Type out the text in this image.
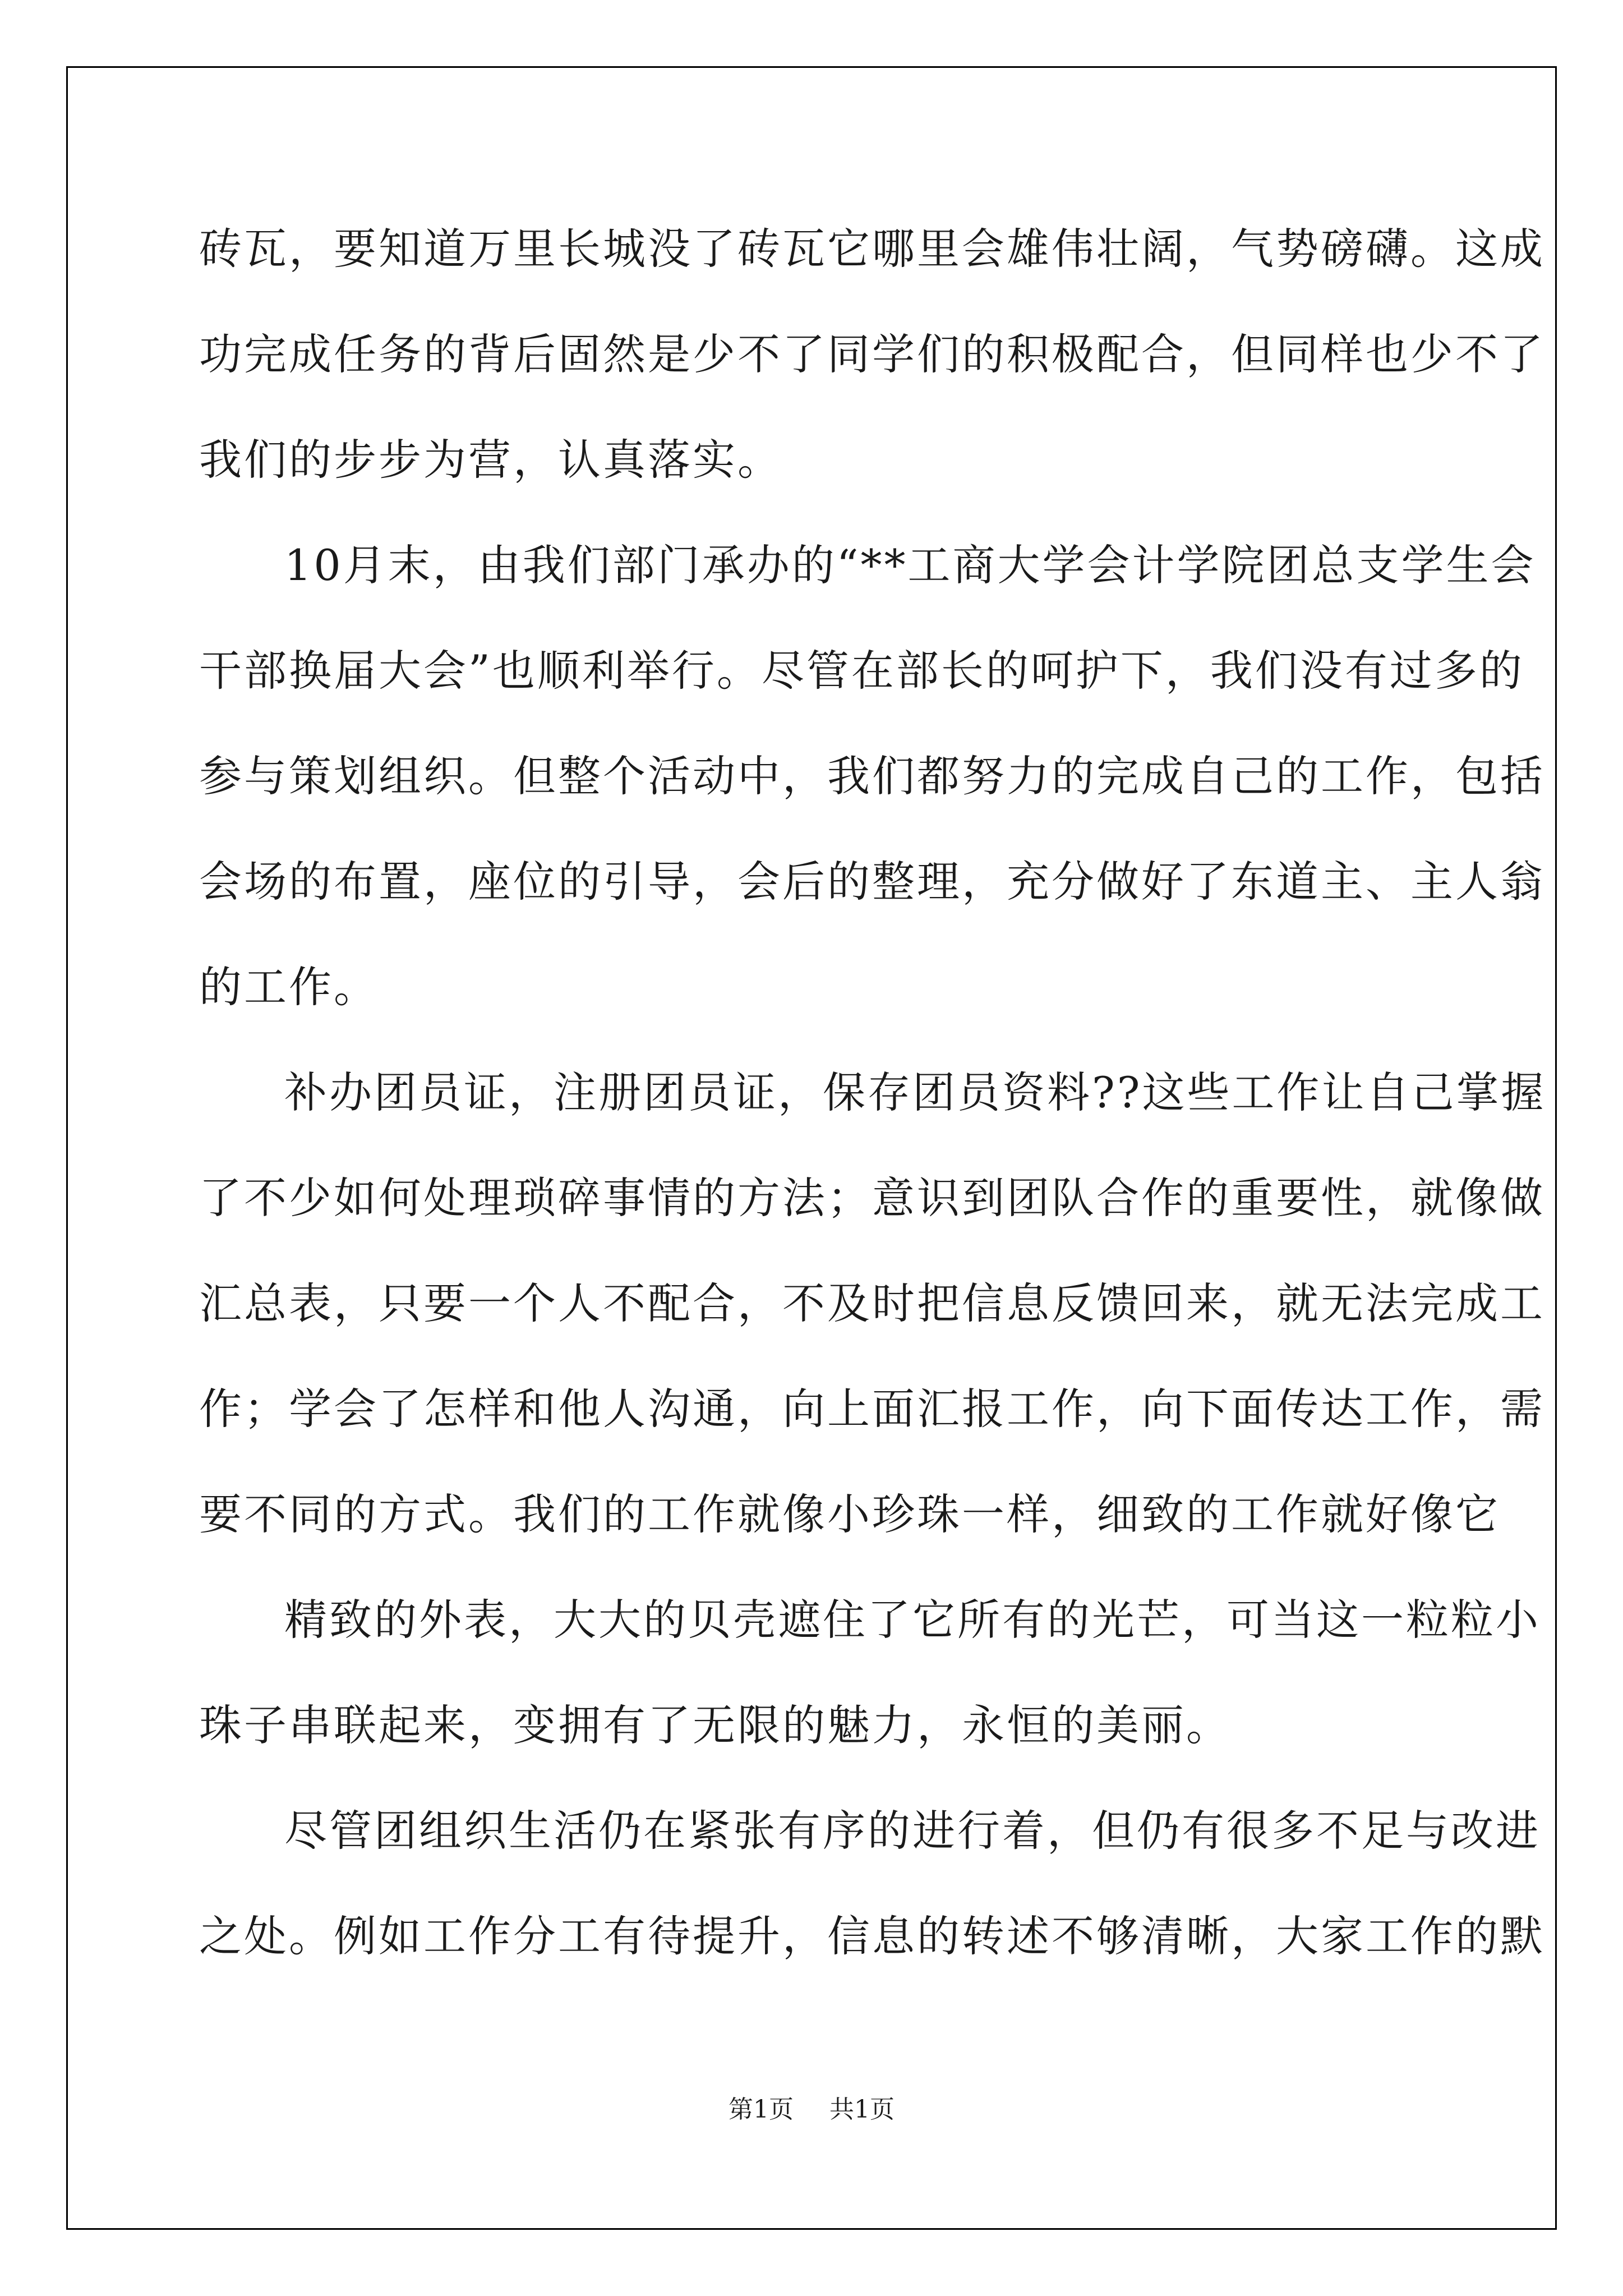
砖瓦，要知道万里长城没了砖瓦它哪里会雄伟壮阔，气势磅礴。这成
功完成任务的背后固然是少不了同学们的积极配合，但同样也少不了
我们的步步为营，认真落实。
10月末，由我们部门承办的“**工商大学会计学院团总支学生会
干部换届大会”也顺利举行。尽管在部长的呵护下，我们没有过多的
参与策划组织。但整个活动中，我们都努力的完成自己的工作，包括
会场的布置，座位的引导，会后的整理，充分做好了东道主、主人翁
的工作。
补办团员证，注册团员证，保存团员资料??这些工作让自己掌握
了不少如何处理琐碎事情的方法；意识到团队合作的重要性，就像做
汇总表，只要一个人不配合，不及时把信息反馈回来，就无法完成工
作；学会了怎样和他人沟通，向上面汇报工作，向下面传达工作，需
要不同的方式。我们的工作就像小珍珠一样，细致的工作就好像它
精致的外表，大大的贝壳遮住了它所有的光芒，可当这一粒粒小
珠子串联起来，变拥有了无限的魅力，永恒的美丽。
尽管团组织生活仍在紧张有序的进行着，但仍有很多不足与改进
之处。例如工作分工有待提升，信息的转述不够清晰，大家工作的默
第1页 共1页
